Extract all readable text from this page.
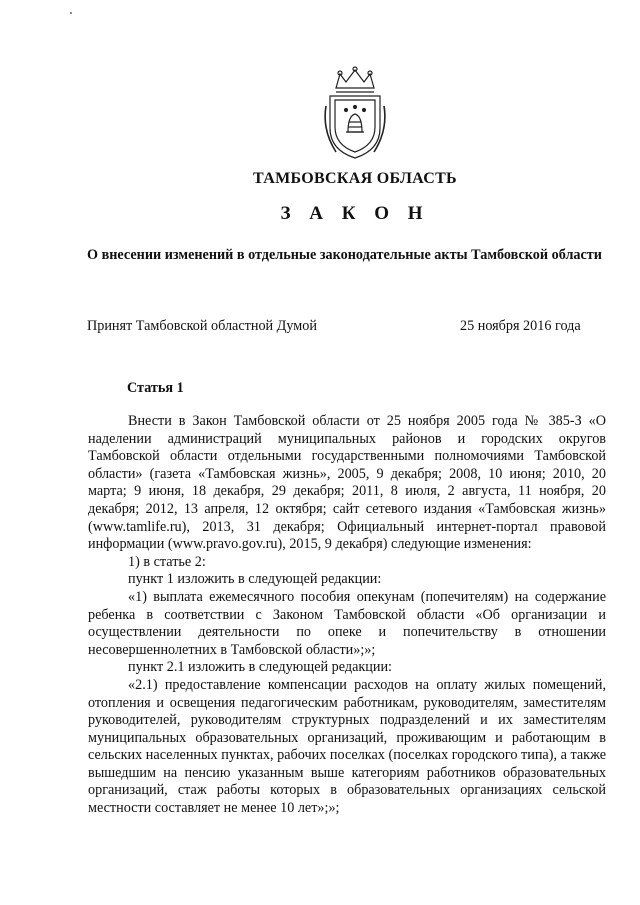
ТАМБОВСКАЯ ОБЛАСТЬ
З А К О Н
О внесении изменений в отдельные законодательные акты Тамбовской области
Принят Тамбовской областной Думой	25 ноября 2016 года
Статья 1

Внести в Закон Тамбовской области от 25 ноября 2005 года № 385-З «О наделении администраций муниципальных районов и городских округов Тамбовской области отдельными государственными полномочиями Тамбовской области» (газета «Тамбовская жизнь», 2005, 9 декабря; 2008, 10 июня; 2010, 20 марта; 9 июня, 18 декабря, 29 декабря; 2011, 8 июля, 2 августа, 11 ноября, 20 декабря; 2012, 13 апреля, 12 октября; сайт сетевого издания «Тамбовская жизнь» (www.tamlife.ru), 2013, 31 декабря; Официальный интернет-портал правовой информации (www.pravo.gov.ru), 2015, 9 декабря) следующие изменения:

1) в статье 2:

пункт 1 изложить в следующей редакции:

«1) выплата ежемесячного пособия опекунам (попечителям) на содержание ребенка в соответствии с Законом Тамбовской области «Об организации и осуществлении деятельности по опеке и попечительству в отношении несовершеннолетних в Тамбовской области»;»;

пункт 2.1 изложить в следующей редакции:

«2.1) предоставление компенсации расходов на оплату жилых помещений, отопления и освещения педагогическим работникам, руководителям, заместителям руководителей, руководителям структурных подразделений и их заместителям муниципальных образовательных организаций, проживающим и работающим в сельских населенных пунктах, рабочих поселках (поселках городского типа), а также вышедшим на пенсию указанным выше категориям работников образовательных организаций, стаж работы которых в образовательных организациях сельской местности составляет не менее 10 лет»;»;
